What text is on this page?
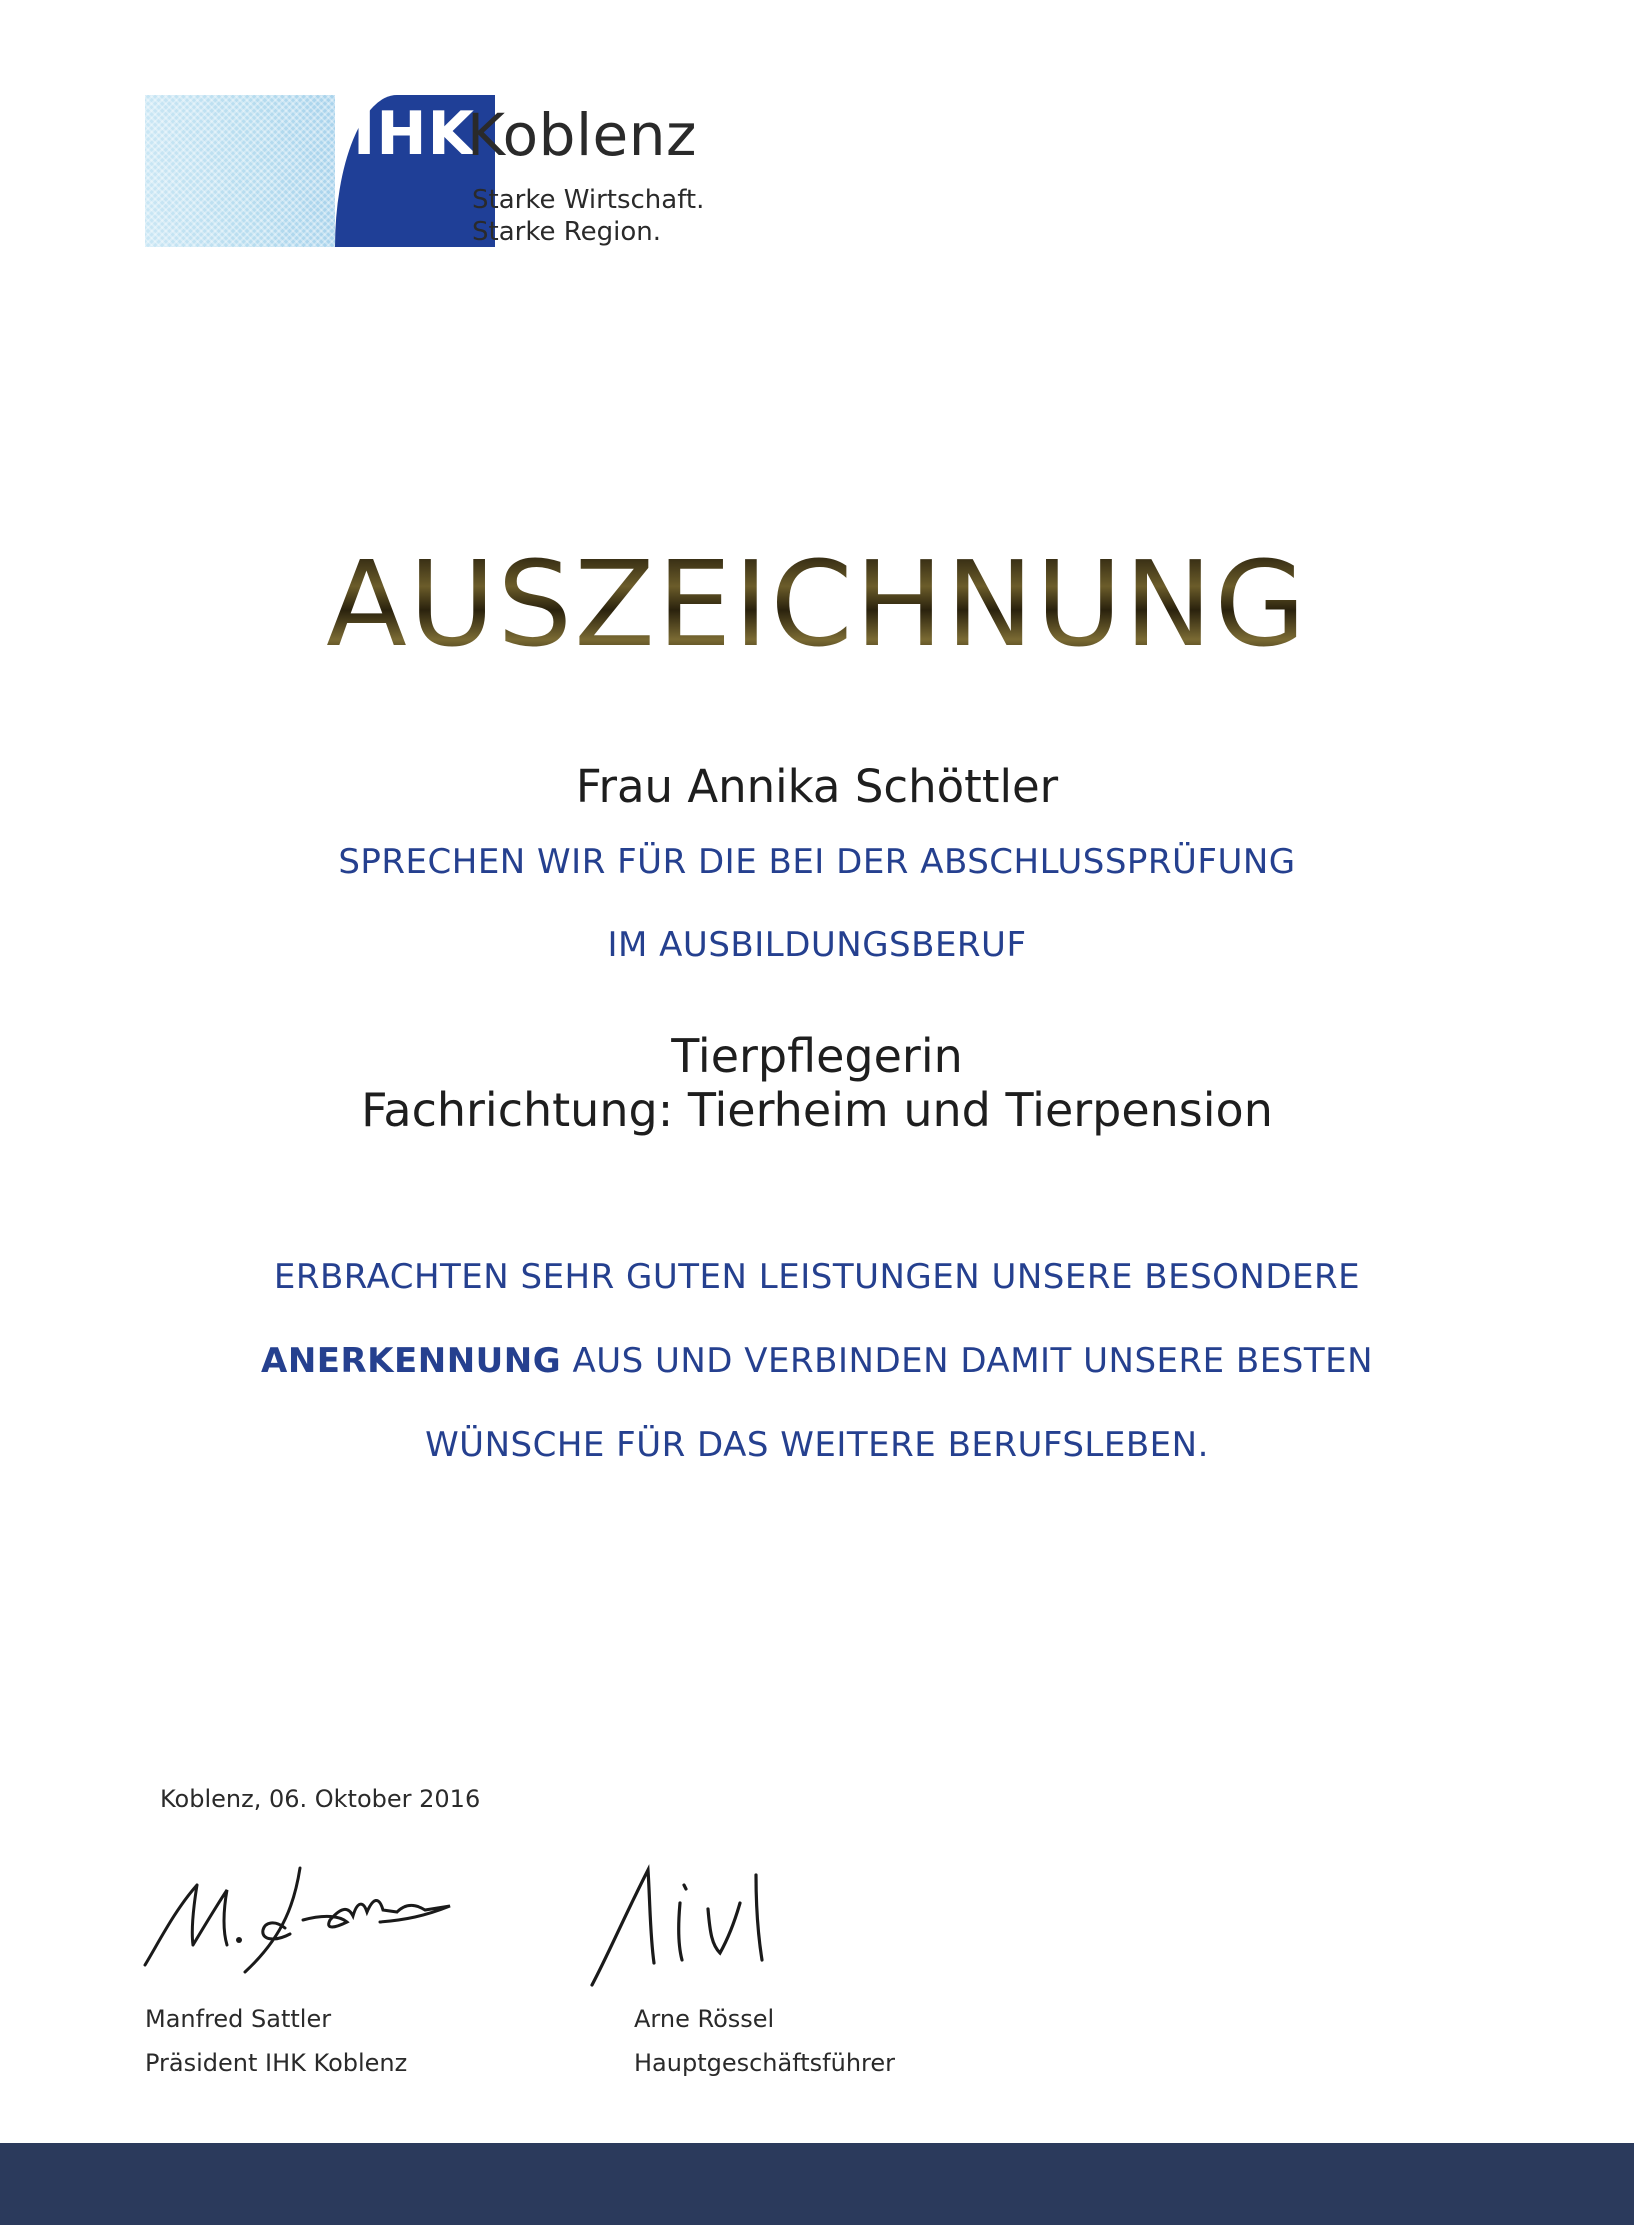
IHK
Koblenz
Starke Wirtschaft.
Starke Region.
AUSZEICHNUNG
Frau Annika Schöttler
SPRECHEN WIR FÜR DIE BEI DER ABSCHLUSSPRÜFUNG
IM AUSBILDUNGSBERUF
Tierpflegerin
Fachrichtung: Tierheim und Tierpension
ERBRACHTEN SEHR GUTEN LEISTUNGEN UNSERE BESONDERE
ANERKENNUNG AUS UND VERBINDEN DAMIT UNSERE BESTEN
WÜNSCHE FÜR DAS WEITERE BERUFSLEBEN.
Koblenz, 06. Oktober 2016
Manfred Sattler
Präsident IHK Koblenz
Arne Rössel
Hauptgeschäftsführer
